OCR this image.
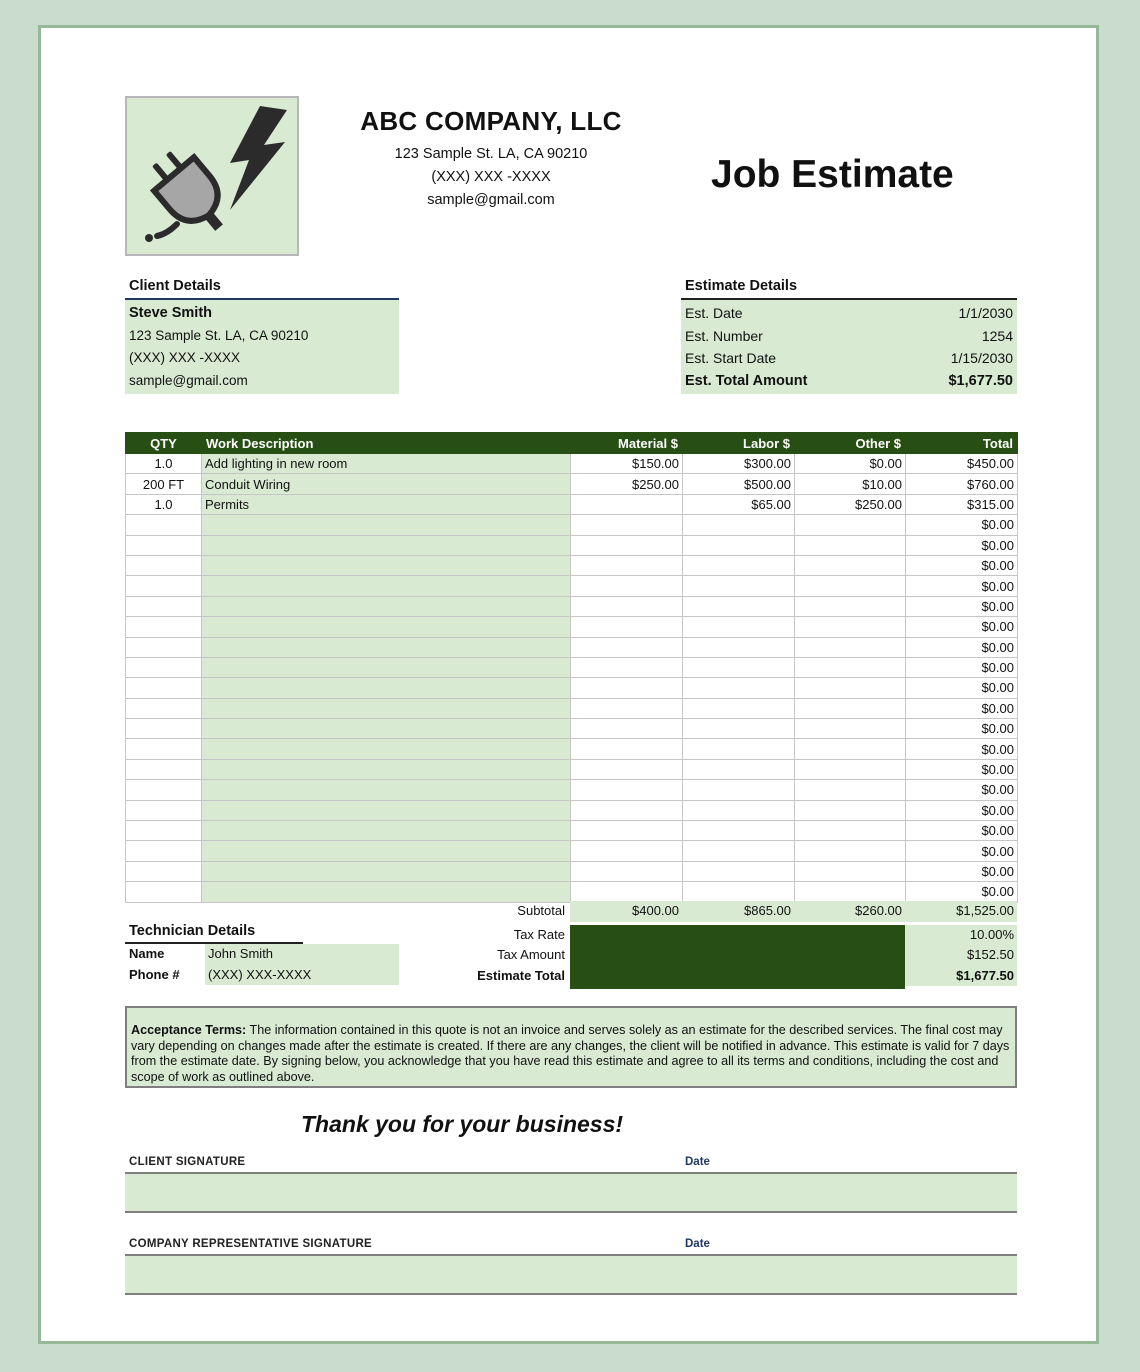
ABC COMPANY, LLC
123 Sample St. LA, CA 90210
(XXX) XXX -XXXX
sample@gmail.com
Job Estimate
Client Details
Steve Smith
123 Sample St. LA, CA 90210
(XXX) XXX -XXXX
sample@gmail.com
Estimate Details
Est. Date	1/1/2030
Est. Number	1254
Est. Start Date	1/15/2030
Est. Total Amount	$1,677.50
QTY	Work Description	Material $	Labor $	Other $	Total
1.0	Add lighting in new room	$150.00	$300.00	$0.00	$450.00
200 FT	Conduit Wiring	$250.00	$500.00	$10.00	$760.00
1.0	Permits		$65.00	$250.00	$315.00
					$0.00
					$0.00
					$0.00
					$0.00
					$0.00
					$0.00
					$0.00
					$0.00
					$0.00
					$0.00
					$0.00
					$0.00
					$0.00
					$0.00
					$0.00
					$0.00
					$0.00
					$0.00
					$0.00
Subtotal	$400.00	$865.00	$260.00	$1,525.00
Tax Rate	10.00%
Tax Amount	$152.50
Estimate Total	$1,677.50
Technician Details
Name	John Smith
Phone #	(XXX) XXX-XXXX
Acceptance Terms: The information contained in this quote is not an invoice and serves solely as an estimate for the described services. The final cost may vary depending on changes made after the estimate is created. If there are any changes, the client will be notified in advance. This estimate is valid for 7 days from the estimate date. By signing below, you acknowledge that you have read this estimate and agree to all its terms and conditions, including the cost and scope of work as outlined above.
Thank you for your business!
CLIENT SIGNATURE	Date
COMPANY REPRESENTATIVE SIGNATURE	Date
